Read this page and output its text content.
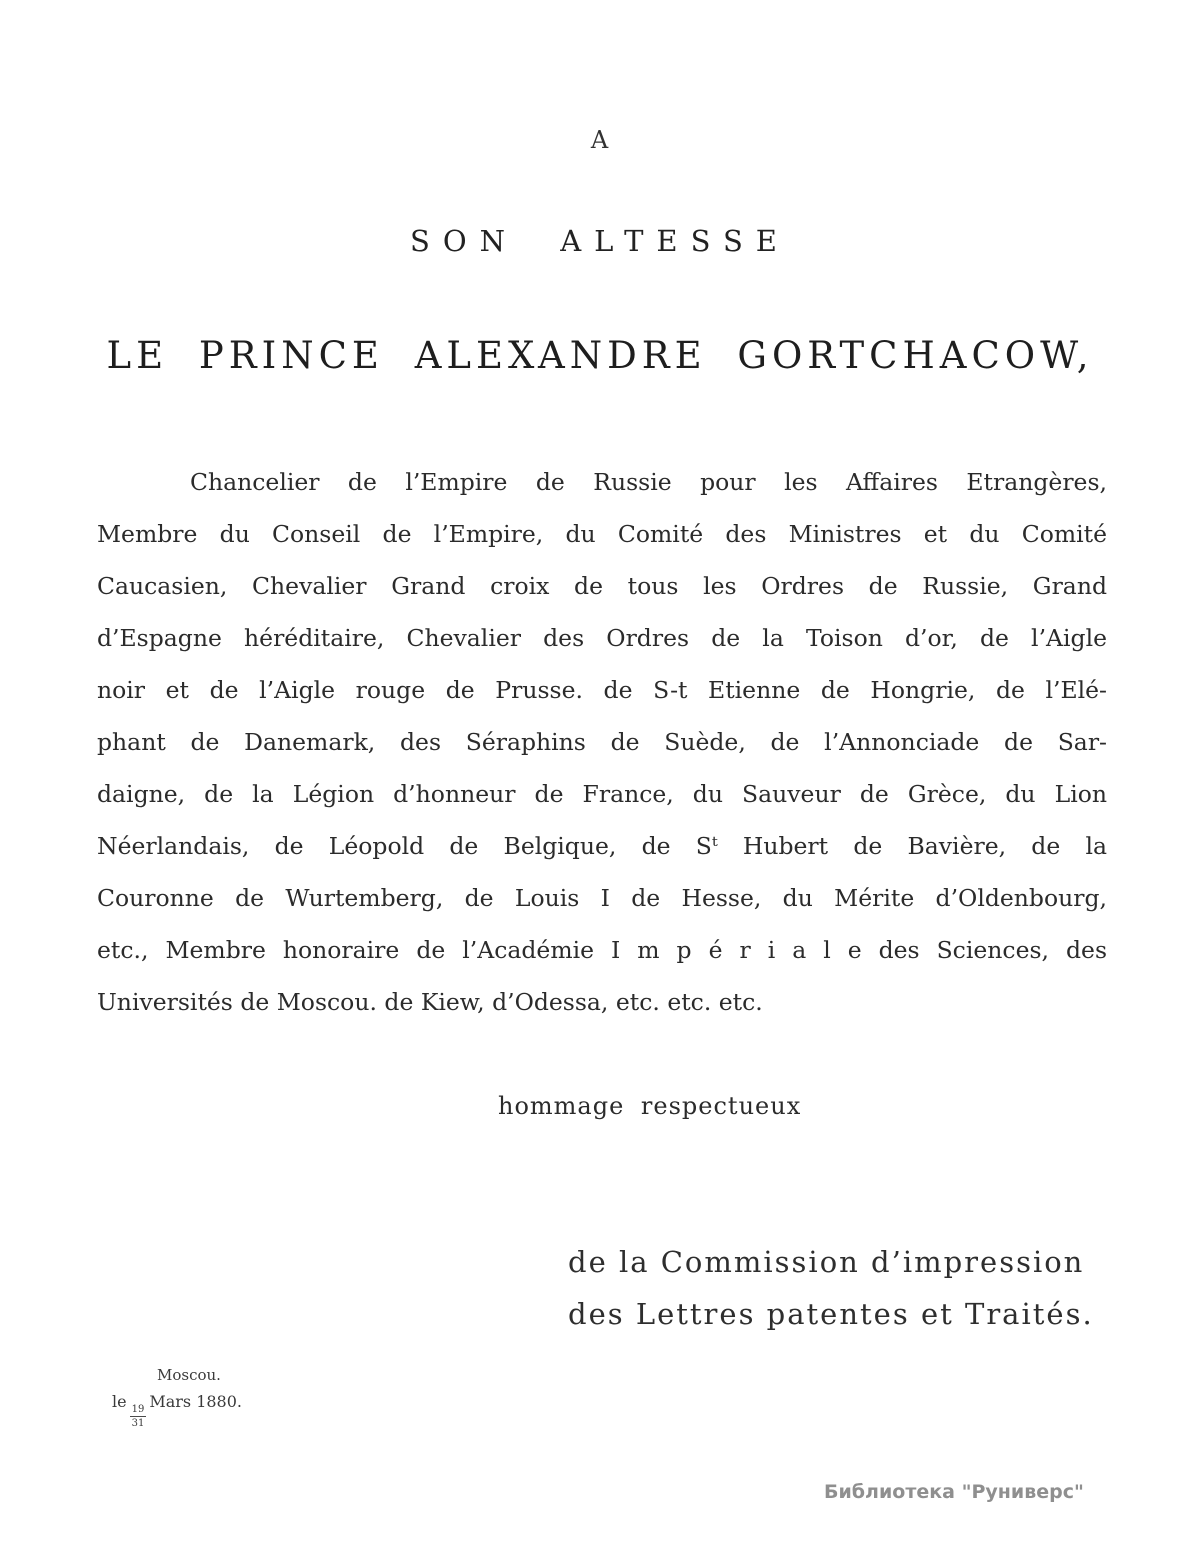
A
SON ALTESSE
LE PRINCE ALEXANDRE GORTCHACOW,
Chancelier de l’Empire de Russie pour les Affaires Etrangères,
Membre du Conseil de l’Empire, du Comité des Ministres et du Comité
Caucasien, Chevalier Grand croix de tous les Ordres de Russie, Grand
d’Espagne héréditaire, Chevalier des Ordres de la Toison d’or, de l’Aigle
noir et de l’Aigle rouge de Prusse. de S-t Etienne de Hongrie, de l’Elé-
phant de Danemark, des Séraphins de Suède, de l’Annonciade de Sar-
daigne, de la Légion d’honneur de France, du Sauveur de Grèce, du Lion
Néerlandais, de Léopold de Belgique, de Sᵗ Hubert de Bavière, de la
Couronne de Wurtemberg, de Louis I de Hesse, du Mérite d’Oldenbourg,
etc., Membre honoraire de l’Académie I m p é r i a l e des Sciences, des
Universités de Moscou. de Kiew, d’Odessa, etc. etc. etc.
hommage respectueux
de la Commission d’impression
des Lettres patentes et Traités.
Moscou.
le
$\frac{19}{31}$
Mars 1880.
Библиотека "Руниверс"
